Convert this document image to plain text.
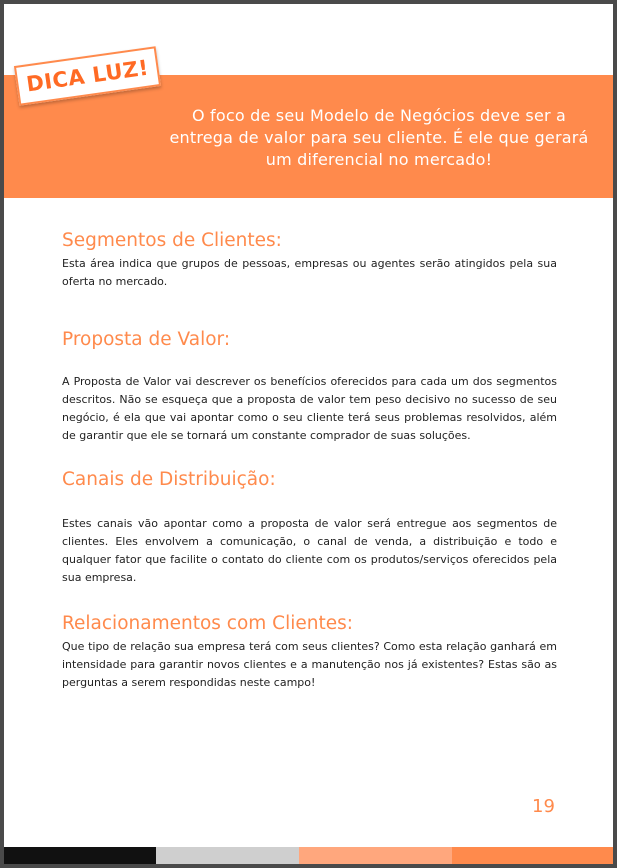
O foco de seu Modelo de Negócios deve ser a
entrega de valor para seu cliente. É ele que gerará
um diferencial no mercado!
DICA LUZ!
Segmentos de Clientes:

Esta área indica que grupos de pessoas, empresas ou agentes serão atingidos pela sua oferta no mercado.

Proposta de Valor:

A Proposta de Valor vai descrever os benefícios oferecidos para cada um dos segmentos descritos. Não se esqueça que a proposta de valor tem peso decisivo no sucesso de seu negócio, é ela que vai apontar como o seu cliente terá seus problemas resolvidos, além de garantir que ele se tornará um constante comprador de suas soluções.

Canais de Distribuição:

Estes canais vão apontar como a proposta de valor será entregue aos segmentos de clientes. Eles envolvem a comunicação, o canal de venda, a distribuição e todo e qualquer fator que facilite o contato do cliente com os produtos/serviços oferecidos pela sua empresa.

Relacionamentos com Clientes:

Que tipo de relação sua empresa terá com seus clientes? Como esta relação ganhará em intensidade para garantir novos clientes e a manutenção nos já existentes? Estas são as perguntas a serem respondidas neste campo!

19
